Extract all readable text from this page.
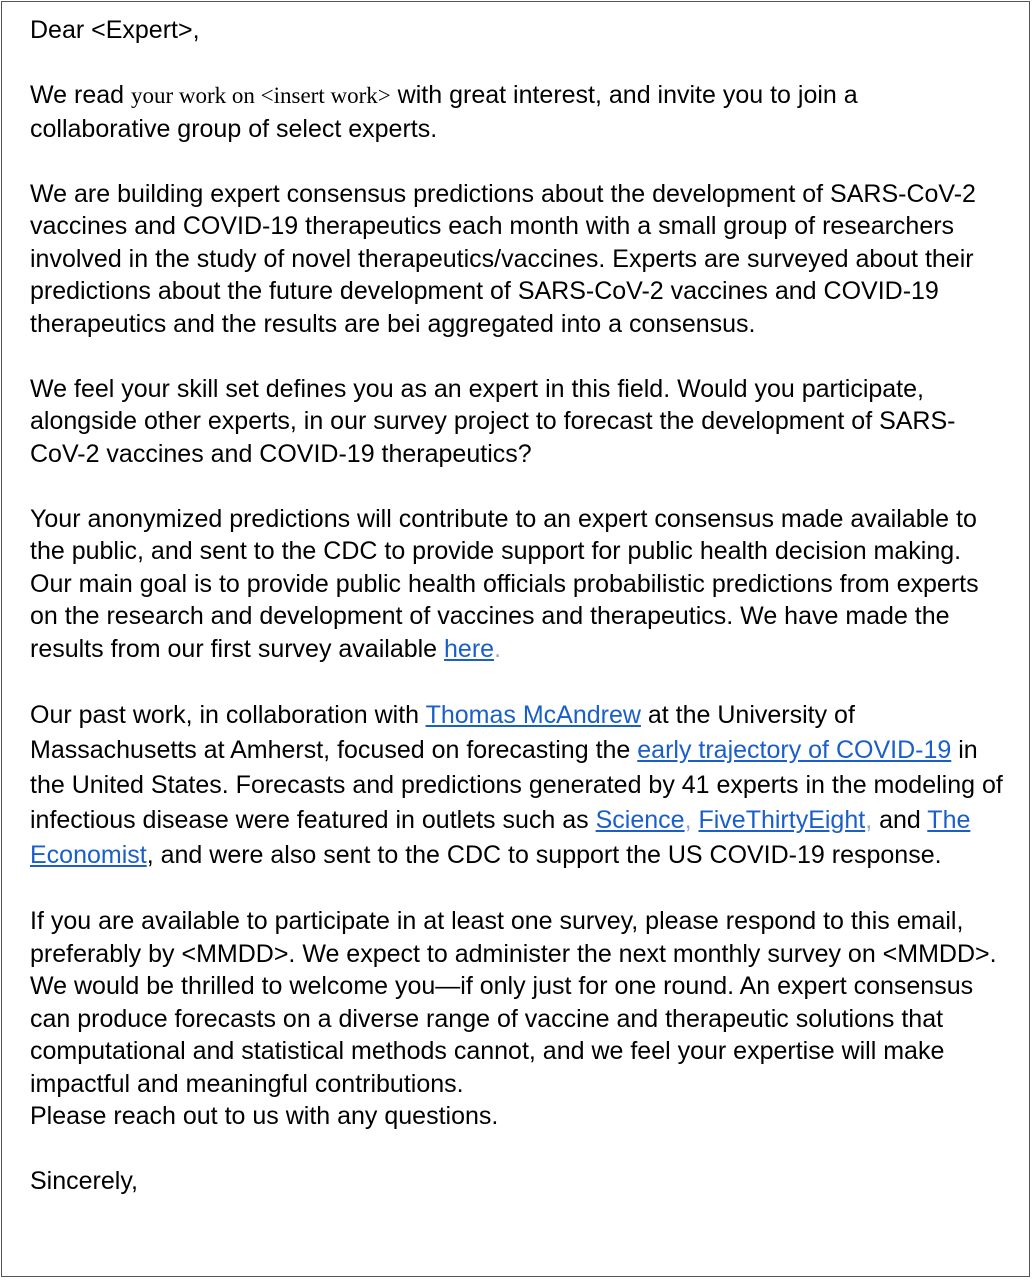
Dear <Expert>,

We read your work on <insert work> with great interest, and invite you to join a collaborative group of select experts.

We are building expert consensus predictions about the development of SARS-CoV-2 vaccines and COVID-19 therapeutics each month with a small group of researchers involved in the study of novel therapeutics/vaccines. Experts are surveyed about their predictions about the future development of SARS-CoV-2 vaccines and COVID-19 therapeutics and the results are bei aggregated into a consensus.

We feel your skill set defines you as an expert in this field. Would you participate, alongside other experts, in our survey project to forecast the development of SARS-CoV-2 vaccines and COVID-19 therapeutics?

Your anonymized predictions will contribute to an expert consensus made available to the public, and sent to the CDC to provide support for public health decision making. Our main goal is to provide public health officials probabilistic predictions from experts on the research and development of vaccines and therapeutics. We have made the results from our first survey available here.

Our past work, in collaboration with Thomas McAndrew at the University of Massachusetts at Amherst, focused on forecasting the early trajectory of COVID-19 in the United States. Forecasts and predictions generated by 41 experts in the modeling of infectious disease were featured in outlets such as Science, FiveThirtyEight, and The Economist, and were also sent to the CDC to support the US COVID-19 response.

If you are available to participate in at least one survey, please respond to this email, preferably by <MMDD>. We expect to administer the next monthly survey on <MMDD>. We would be thrilled to welcome you—if only just for one round. An expert consensus can produce forecasts on a diverse range of vaccine and therapeutic solutions that computational and statistical methods cannot, and we feel your expertise will make impactful and meaningful contributions.

Please reach out to us with any questions.

Sincerely,
